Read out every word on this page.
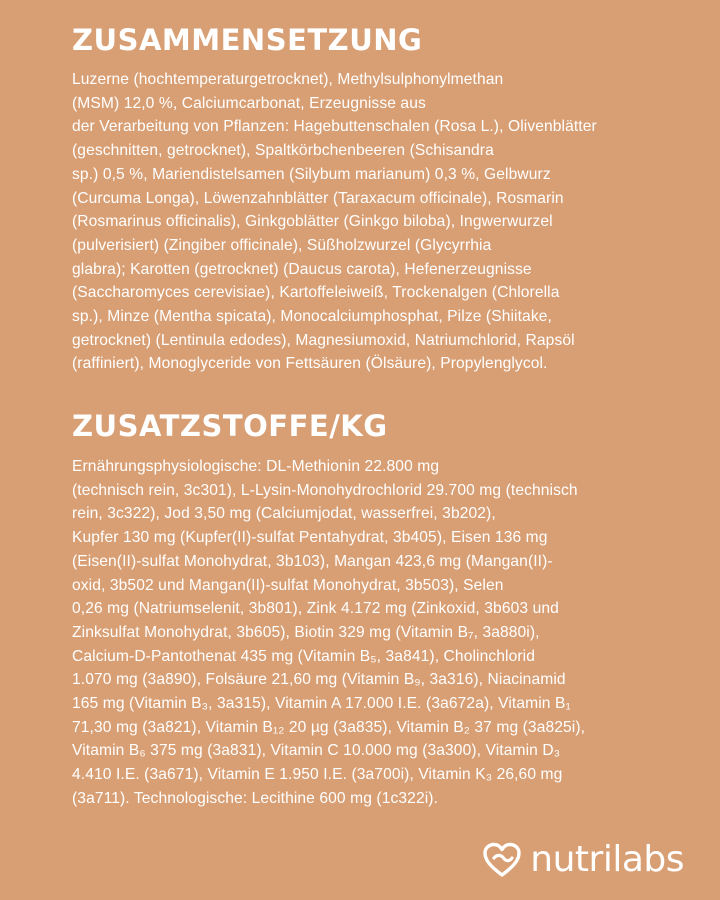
ZUSAMMENSETZUNG
Luzerne (hochtemperaturgetrocknet), Methylsulphonylmethan
(MSM) 12,0 %, Calciumcarbonat, Erzeugnisse aus
der Verarbeitung von Pflanzen: Hagebuttenschalen (Rosa L.), Olivenblätter
(geschnitten, getrocknet), Spaltkörbchenbeeren (Schisandra
sp.) 0,5 %, Mariendistelsamen (Silybum marianum) 0,3 %, Gelbwurz
(Curcuma Longa), Löwenzahnblätter (Taraxacum officinale), Rosmarin
(Rosmarinus officinalis), Ginkgoblätter (Ginkgo biloba), Ingwerwurzel
(pulverisiert) (Zingiber officinale), Süßholzwurzel (Glycyrrhia
glabra); Karotten (getrocknet) (Daucus carota), Hefenerzeugnisse
(Saccharomyces cerevisiae), Kartoffeleiweiß, Trockenalgen (Chlorella
sp.), Minze (Mentha spicata), Monocalciumphosphat, Pilze (Shiitake,
getrocknet) (Lentinula edodes), Magnesiumoxid, Natriumchlorid, Rapsöl
(raffiniert), Monoglyceride von Fettsäuren (Ölsäure), Propylenglycol.
ZUSATZSTOFFE/KG
Ernährungsphysiologische: DL-Methionin 22.800 mg
(technisch rein, 3c301), L-Lysin-Monohydrochlorid 29.700 mg (technisch
rein, 3c322), Jod 3,50 mg (Calciumjodat, wasserfrei, 3b202),
Kupfer 130 mg (Kupfer(II)-sulfat Pentahydrat, 3b405), Eisen 136 mg
(Eisen(II)-sulfat Monohydrat, 3b103), Mangan 423,6 mg (Mangan(II)-
oxid, 3b502 und Mangan(II)-sulfat Monohydrat, 3b503), Selen
0,26 mg (Natriumselenit, 3b801), Zink 4.172 mg (Zinkoxid, 3b603 und
Zinksulfat Monohydrat, 3b605), Biotin 329 mg (Vitamin B₇, 3a880i),
Calcium-D-Pantothenat 435 mg (Vitamin B₅, 3a841), Cholinchlorid
1.070 mg (3a890), Folsäure 21,60 mg (Vitamin B₉, 3a316), Niacinamid
165 mg (Vitamin B₃, 3a315), Vitamin A 17.000 I.E. (3a672a), Vitamin B₁
71,30 mg (3a821), Vitamin B₁₂ 20 µg (3a835), Vitamin B₂ 37 mg (3a825i),
Vitamin B₆ 375 mg (3a831), Vitamin C 10.000 mg (3a300), Vitamin D₃
4.410 I.E. (3a671), Vitamin E 1.950 I.E. (3a700i), Vitamin K₃ 26,60 mg
(3a711). Technologische: Lecithine 600 mg (1c322i).
nutrilabs
